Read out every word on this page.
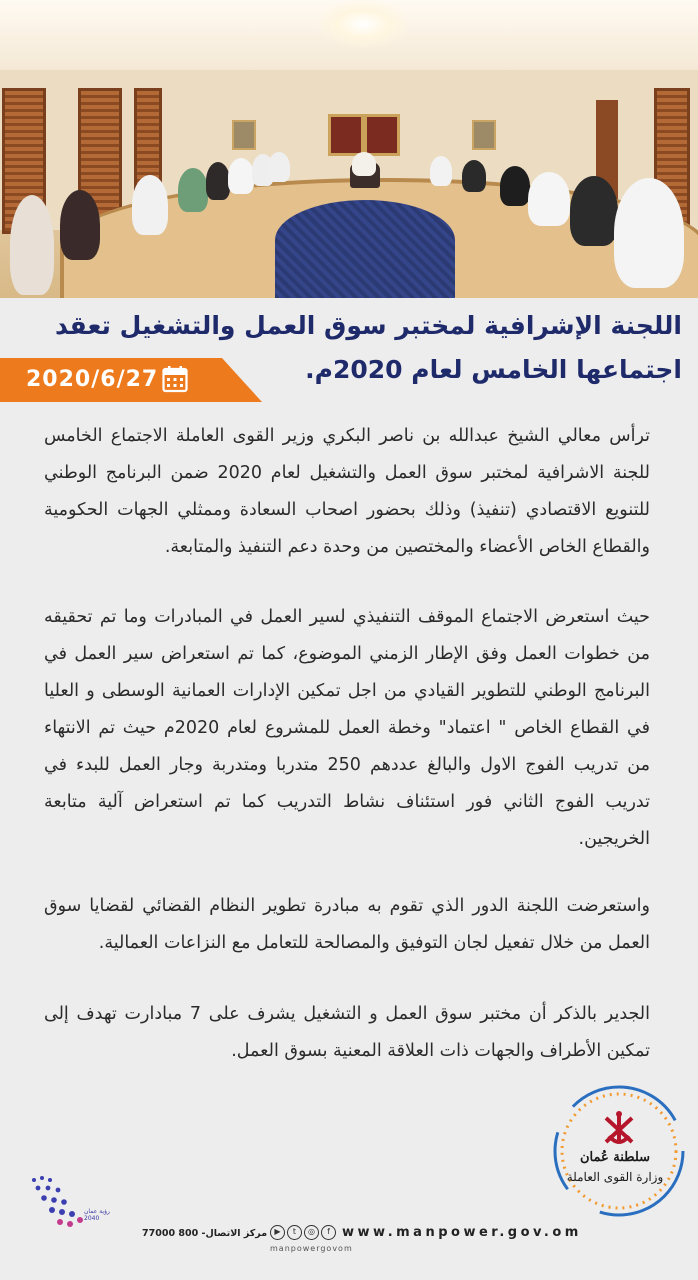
اللجنة الإشرافية لمختبر سوق العمل والتشغيل تعقد اجتماعها الخامس لعام 2020م.
2020/6/27

ترأس معالي الشيخ عبدالله بن ناصر البكري وزير القوى العاملة الاجتماع الخامس للجنة الاشرافية لمختبر سوق العمل والتشغيل لعام 2020 ضمن البرنامج الوطني للتنويع الاقتصادي (تنفيذ) وذلك بحضور اصحاب السعادة وممثلي الجهات الحكومية والقطاع الخاص الأعضاء والمختصين من وحدة دعم التنفيذ والمتابعة.

حيث استعرض الاجتماع الموقف التنفيذي لسير العمل في المبادرات وما تم تحقيقه من خطوات العمل وفق الإطار الزمني الموضوع، كما تم استعراض سير العمل في البرنامج الوطني للتطوير القيادي من اجل تمكين الإدارات العمانية الوسطى و العليا في القطاع الخاص " اعتماد" وخطة العمل للمشروع لعام 2020م حيث تم الانتهاء من تدريب الفوج الاول والبالغ عددهم 250 متدربا ومتدربة وجار العمل للبدء في تدريب الفوج الثاني فور استئناف نشاط التدريب كما تم استعراض آلية متابعة الخريجين.

واستعرضت اللجنة الدور الذي تقوم به مبادرة تطوير النظام القضائي لقضايا سوق العمل من خلال تفعيل لجان التوفيق والمصالحة للتعامل مع النزاعات العمالية.

الجدير بالذكر أن مختبر سوق العمل و التشغيل يشرف على 7 مبادارت تهدف إلى تمكين الأطراف والجهات ذات العلاقة المعنية بسوق العمل.

سلطنة عُمان
وزارة القوى العاملة
رؤية عمان 2040
مركز الاتصال- 800 77000 ▶	t	◎	f
manpowergovom
www.manpower.gov.om
